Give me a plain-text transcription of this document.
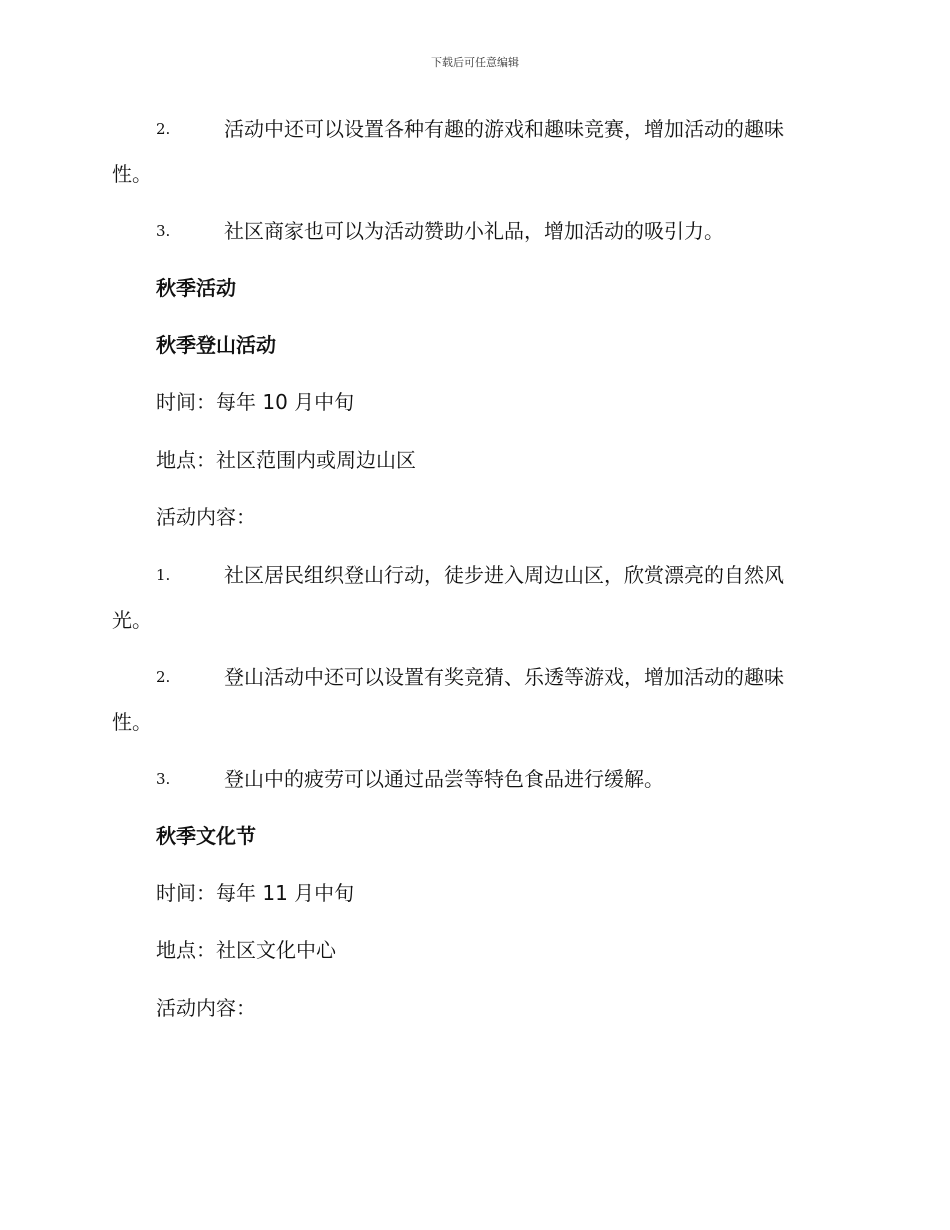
下载后可任意编辑
2.	活动中还可以设置各种有趣的游戏和趣味竞赛，增加活动的趣味
性。
3.	社区商家也可以为活动赞助小礼品，增加活动的吸引力。
秋季活动
秋季登山活动
时间：每年 10 月中旬
地点：社区范围内或周边山区
活动内容：
1.	社区居民组织登山行动，徒步进入周边山区，欣赏漂亮的自然风
光。
2.	登山活动中还可以设置有奖竞猜、乐透等游戏，增加活动的趣味
性。
3.	登山中的疲劳可以通过品尝等特色食品进行缓解。
秋季文化节
时间：每年 11 月中旬
地点：社区文化中心
活动内容：
